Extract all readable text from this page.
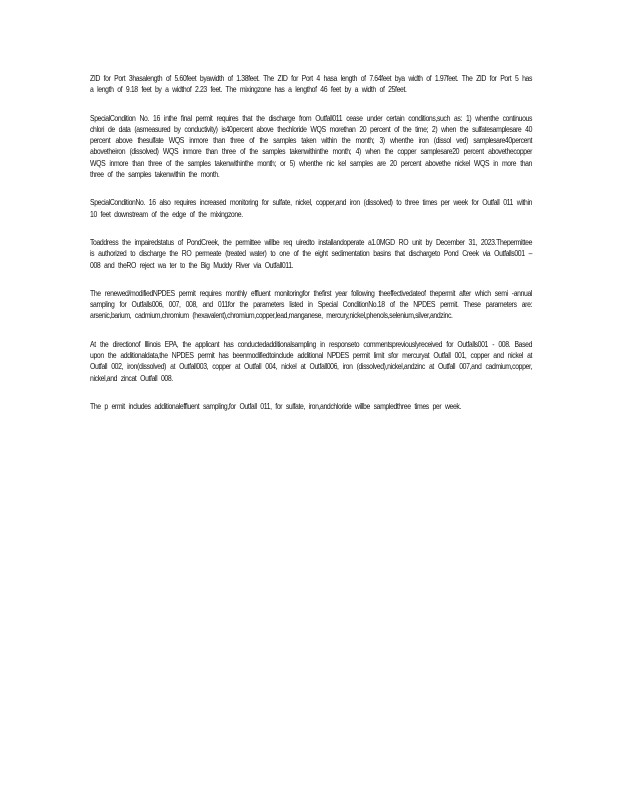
ZID for Port 3hasalength of 5.60feet byawidth of 1.38feet. The ZID for Port 4 hasa length of 7.64feet bya width of 1.97feet. The ZID for Port 5 has a length of 9.18 feet by a widthof 2.23 feet. The mixingzone has a lengthof 46 feet by a width of 25feet.

SpecialCondition No. 16 inthe final permit requires that the discharge from Outfall011 cease under certain conditions,such as: 1) whenthe continuous chlori de data (asmeasured by conductivity) is40percent above thechloride WQS morethan 20 percent of the time; 2) when the sulfatesamplesare 40 percent above thesulfate WQS inmore than three of the samples taken within the month; 3) whenthe iron (dissol ved) samplesare40percent abovetheiron (dissolved) WQS inmore than three of the samples takenwithinthe month; 4) when the copper samplesare20 percent abovethecopper WQS inmore than three of the samples takenwithinthe month; or 5) whenthe nic kel samples are 20 percent abovethe nickel WQS in more than three of the samples takenwithin the month.

SpecialConditionNo. 16 also requires increased monitoring for sulfate, nickel, copper,and iron (dissolved) to three times per week for Outfall 011 within 10 feet downstream of the edge of the mixingzone.

Toaddress the impairedstatus of PondCreek, the permittee willbe req uiredto installandoperate a1.0MGD RO unit by December 31, 2023.Thepermittee is authorized to discharge the RO permeate (treated water) to one of the eight sedimentation basins that dischargeto Pond Creek via Outfalls001 – 008 and theRO reject wa ter to the Big Muddy River via Outfall011.

The renewed/modifiedNPDES permit requires monthly effluent monitoringfor thefirst year following theeffectivedateof thepermit after which semi -annual sampling for Outfalls006, 007, 008, and 011for the parameters listed in Special ConditionNo.18 of the NPDES permit. These parameters are: arsenic,barium, cadmium,chromium (hexavalent),chromium,copper,lead,manganese, mercury,nickel,phenols,selenium,silver,andzinc.

At the directionof Illinois EPA, the applicant has conductedadditionalsampling in responseto commentspreviouslyreceived for Outfalls001 - 008. Based upon the additionaldata,the NPDES permit has beenmodifiedtoinclude additional NPDES permit limit sfor mercuryat Outfall 001, copper and nickel at Outfall 002, iron(dissolved) at Outfall003, copper at Outfall 004, nickel at Outfall006, iron (dissolved),nickel,andzinc at Outfall 007,and cadmium,copper, nickel,and zincat Outfall 008.

The p ermit includes additionaleffluent sampling,for Outfall 011, for sulfate, iron,andchloride willbe sampledthree times per week.
